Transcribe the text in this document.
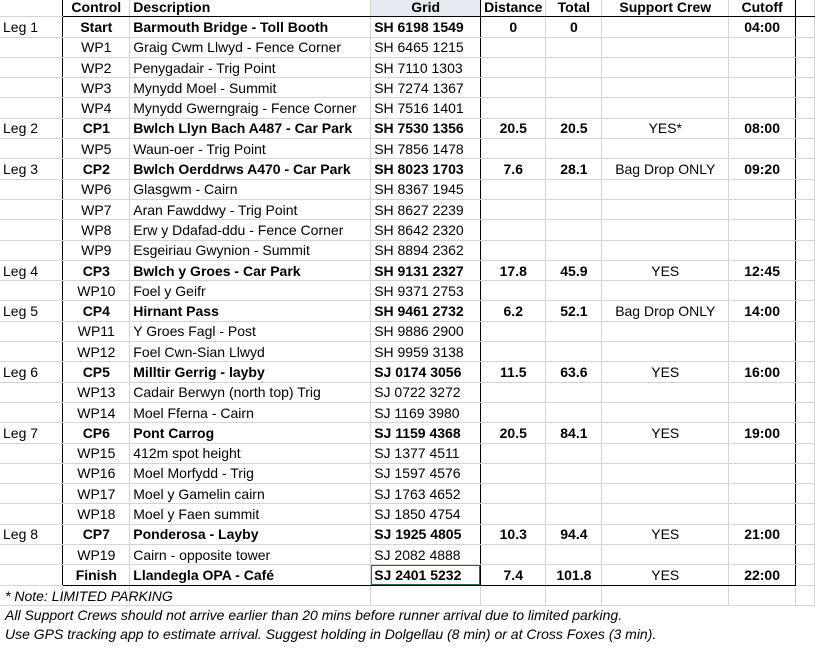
	Control	Description	Grid	Distance	Total	Support Crew	Cutoff	
Leg 1	Start	Barmouth Bridge - Toll Booth	SH 6198 1549	0	0		04:00	
	WP1	Graig Cwm Llwyd - Fence Corner	SH 6465 1215					
	WP2	Penygadair - Trig Point	SH 7110 1303					
	WP3	Mynydd Moel - Summit	SH 7274 1367					
	WP4	Mynydd Gwerngraig - Fence Corner	SH 7516 1401					
Leg 2	CP1	Bwlch Llyn Bach A487 - Car Park	SH 7530 1356	20.5	20.5	YES*	08:00	
	WP5	Waun-oer - Trig Point	SH 7856 1478					
Leg 3	CP2	Bwlch Oerddrws A470 - Car Park	SH 8023 1703	7.6	28.1	Bag Drop ONLY	09:20	
	WP6	Glasgwm - Cairn	SH 8367 1945					
	WP7	Aran Fawddwy - Trig Point	SH 8627 2239					
	WP8	Erw y Ddafad-ddu - Fence Corner	SH 8642 2320					
	WP9	Esgeiriau Gwynion - Summit	SH 8894 2362					
Leg 4	CP3	Bwlch y Groes - Car Park	SH 9131 2327	17.8	45.9	YES	12:45	
	WP10	Foel y Geifr	SH 9371 2753					
Leg 5	CP4	Hirnant Pass	SH 9461 2732	6.2	52.1	Bag Drop ONLY	14:00	
	WP11	Y Groes Fagl - Post	SH 9886 2900					
	WP12	Foel Cwn-Sian Llwyd	SH 9959 3138					
Leg 6	CP5	Milltir Gerrig - layby	SJ 0174 3056	11.5	63.6	YES	16:00	
	WP13	Cadair Berwyn (north top) Trig	SJ 0722 3272					
	WP14	Moel Fferna - Cairn	SJ 1169 3980					
Leg 7	CP6	Pont Carrog	SJ 1159 4368	20.5	84.1	YES	19:00	
	WP15	412m spot height	SJ 1377 4511					
	WP16	Moel Morfydd - Trig	SJ 1597 4576					
	WP17	Moel y Gamelin cairn	SJ 1763 4652					
	WP18	Moel y Faen summit	SJ 1850 4754					
Leg 8	CP7	Ponderosa - Layby	SJ 1925 4805	10.3	94.4	YES	21:00	
	WP19	Cairn - opposite tower	SJ 2082 4888					
	Finish	Llandegla OPA - Café	SJ 2401 5232	7.4	101.8	YES	22:00	

* Note: LIMITED PARKING
All Support Crews should not arrive earlier than 20 mins before runner arrival due to limited parking.
Use GPS tracking app to estimate arrival. Suggest holding in Dolgellau (8 min) or at Cross Foxes (3 min).
